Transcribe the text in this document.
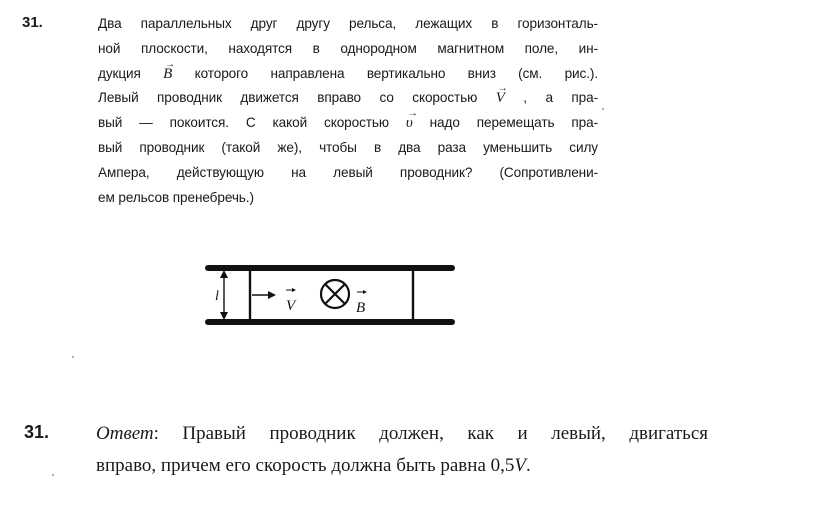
31.	Два параллельных друг другу рельса, лежащих в горизонталь-
ной плоскости, находятся в однородном магнитном поле, ин-
дукция → B которого направлена вертикально вниз (см. рис.).
Левый проводник движется вправо со скоростью → V , а пра-
вый — покоится. С какой скоростью → υ надо перемещать пра-
вый проводник (такой же), чтобы в два раза уменьшить силу
Ампера, действующую на левый проводник? (Сопротивлени-
ем рельсов пренебречь.)
l
V	B
31. Ответ: Правый проводник должен, как и левый, двигаться
вправо, причем его скорость должна быть равна 0,5V.
